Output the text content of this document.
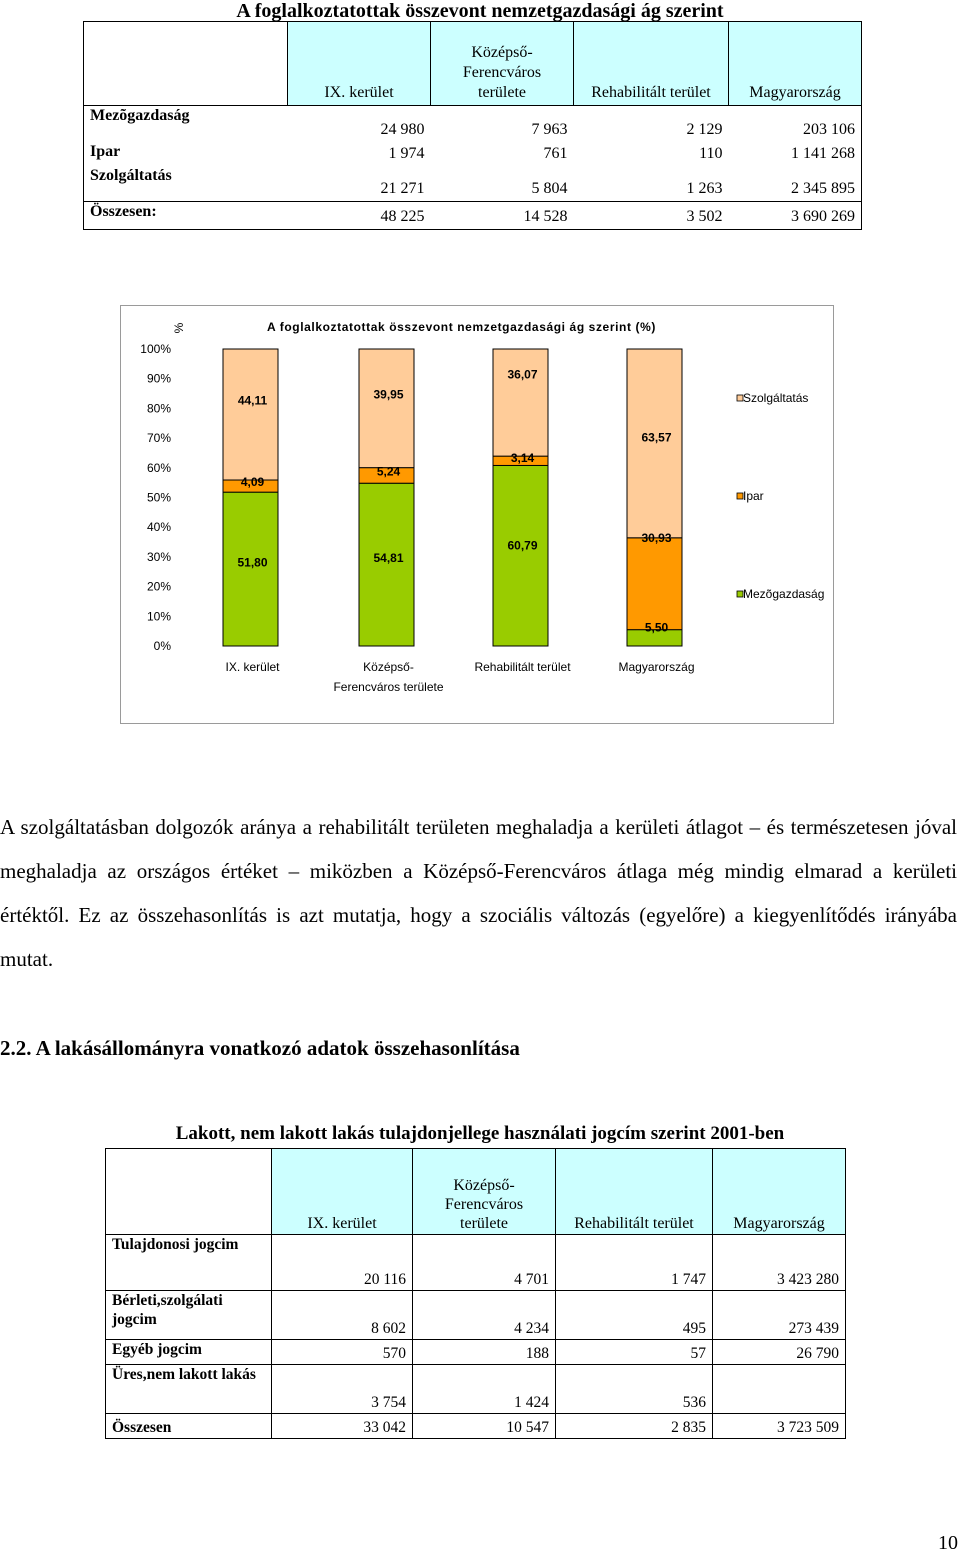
A foglalkoztatottak összevont nemzetgazdasági ág szerint
	IX. kerület	Középső-
Ferencváros
területe	Rehabilitált terület	Magyarország
Mezõgazdaság	24 980	7 963	2 129	203 106
Ipar	1 974	761	110	1 141 268
Szolgáltatás	21 271	5 804	1 263	2 345 895
Összesen:	48 225	14 528	3 502	3 690 269
A foglalkoztatottak összevont nemzetgazdasági ág szerint (%)
%
0%
10%
20%
30%
40%
50%
60%
70%
80%
90%
100%
51,80
4,09
44,11
54,81
5,24
39,95
60,79
3,14
36,07
5,50
30,93
63,57
IX. kerület	Középső-
Ferencváros területe
Rehabilitált terület	Magyarország
Mezõgazdaság
Ipar
Szolgáltatás
A szolgáltatásban dolgozók aránya a rehabilitált területen meghaladja a kerületi átlagot – és természetesen jóval meghaladja az országos értéket – miközben a Középső-Ferencváros átlaga még mindig elmarad a kerületi értéktől. Ez az összehasonlítás is azt mutatja, hogy a szociális változás (egyelőre) a kiegyenlítődés irányába mutat.
2.2. A lakásállományra vonatkozó adatok összehasonlítása
Lakott, nem lakott lakás tulajdonjellege használati jogcím szerint 2001-ben
	IX. kerület	Középső-
Ferencváros
területe	Rehabilitált terület	Magyarország
Tulajdonosi jogcim	20 116	4 701	1 747	3 423 280
Bérleti,szolgálati jogcim	8 602	4 234	495	273 439
Egyéb jogcim	570	188	57	26 790
Üres,nem lakott lakás	3 754	1 424	536	
Összesen	33 042	10 547	2 835	3 723 509
10
